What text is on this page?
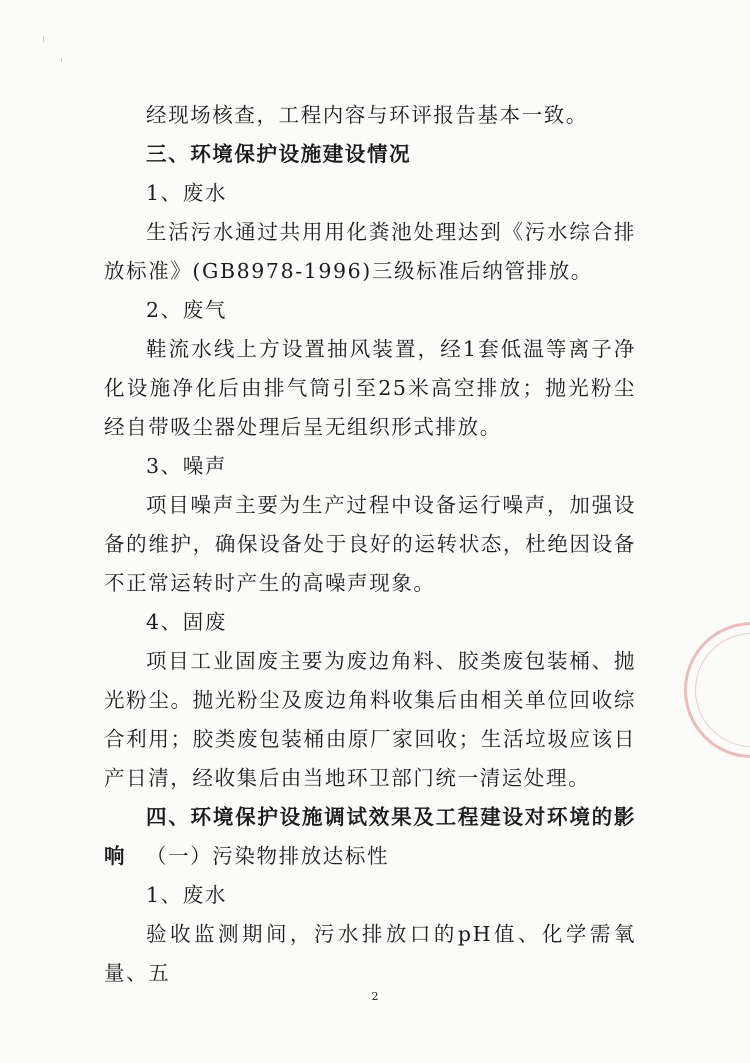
经现场核查，工程内容与环评报告基本一致。

三、环境保护设施建设情况

1、废水

生活污水通过共用用化粪池处理达到《污水综合排放标准》(GB8978-1996)三级标准后纳管排放。

2、废气

鞋流水线上方设置抽风装置，经1套低温等离子净化设施净化后由排气筒引至25米高空排放；抛光粉尘经自带吸尘器处理后呈无组织形式排放。

3、噪声

项目噪声主要为生产过程中设备运行噪声，加强设备的维护，确保设备处于良好的运转状态，杜绝因设备不正常运转时产生的高噪声现象。

4、固废

项目工业固废主要为废边角料、胶类废包装桶、抛光粉尘。抛光粉尘及废边角料收集后由相关单位回收综合利用；胶类废包装桶由原厂家回收；生活垃圾应该日产日清，经收集后由当地环卫部门统一清运处理。

四、环境保护设施调试效果及工程建设对环境的影响 （一）污染物排放达标性

1、废水

验收监测期间，污水排放口的pH值、化学需氧量、五

2
